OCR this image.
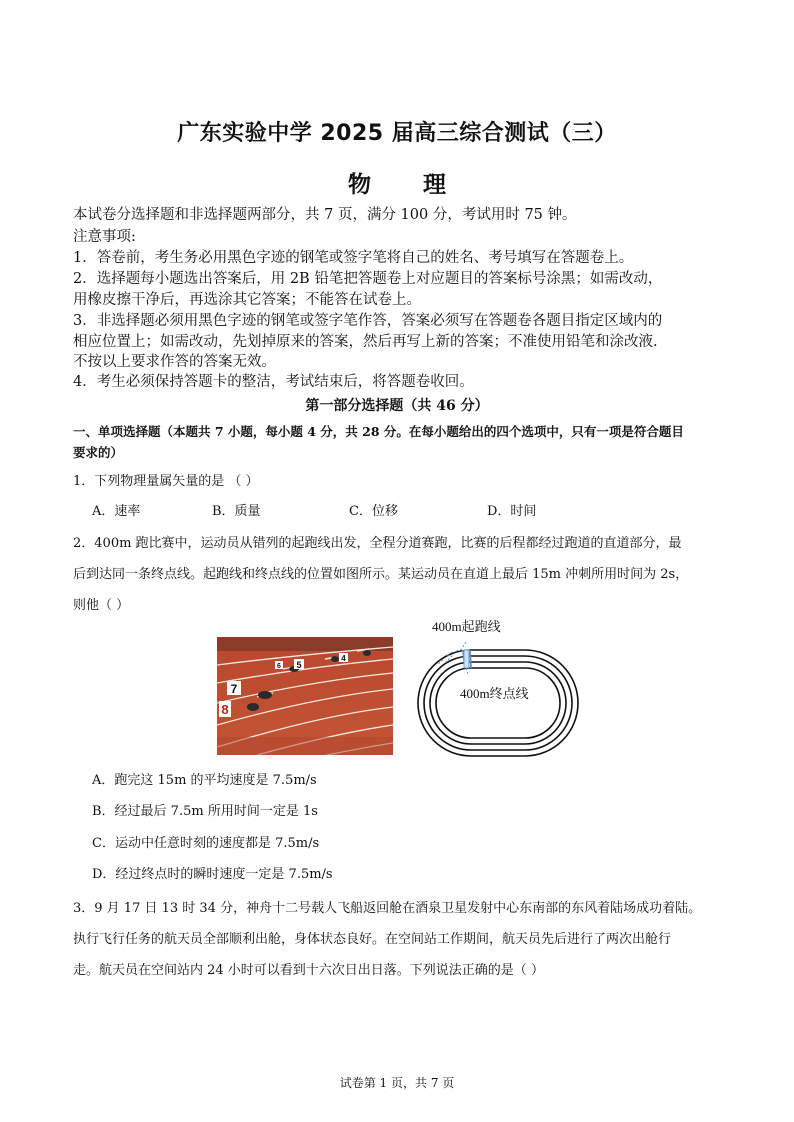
广东实验中学 2025 届高三综合测试（三）
物 理
本试卷分选择题和非选择题两部分，共 7 页，满分 100 分，考试用时 75 钟。
注意事项:
1．答卷前，考生务必用黑色字迹的钢笔或签字笔将自己的姓名、考号填写在答题卷上。
2．选择题每小题选出答案后，用 2B 铅笔把答题卷上对应题目的答案标号涂黑；如需改动，
用橡皮擦干净后，再选涂其它答案；不能答在试卷上。
3．非选择题必须用黑色字迹的钢笔或签字笔作答，答案必须写在答题卷各题目指定区域内的
相应位置上；如需改动，先划掉原来的答案，然后再写上新的答案；不准使用铅笔和涂改液.
不按以上要求作答的答案无效。
4．考生必须保持答题卡的整洁，考试结束后，将答题卷收回。
第一部分选择题（共 46 分）
一、单项选择题（本题共 7 小题，每小题 4 分，共 28 分。在每小题给出的四个选项中，只有一项是符合题目
要求的）
1．下列物理量属矢量的是 （ ）
A．速率	B．质量	C．位移	D．时间
2．400m 跑比赛中，运动员从错列的起跑线出发，全程分道赛跑，比赛的后程都经过跑道的直道部分，最
后到达同一条终点线。起跑线和终点线的位置如图所示。某运动员在直道上最后 15m 冲刺所用时间为 2s，
则他（ ）
7
8
5
4
6
400m起跑线
400m终点线
A．跑完这 15m 的平均速度是 7.5m/s
B．经过最后 7.5m 所用时间一定是 1s
C．运动中任意时刻的速度都是 7.5m/s
D．经过终点时的瞬时速度一定是 7.5m/s
3．9 月 17 日 13 时 34 分，神舟十二号载人飞船返回舱在酒泉卫星发射中心东南部的东风着陆场成功着陆。
执行飞行任务的航天员全部顺利出舱，身体状态良好。在空间站工作期间，航天员先后进行了两次出舱行
走。航天员在空间站内 24 小时可以看到十六次日出日落。下列说法正确的是（ ）
试卷第 1 页，共 7 页
